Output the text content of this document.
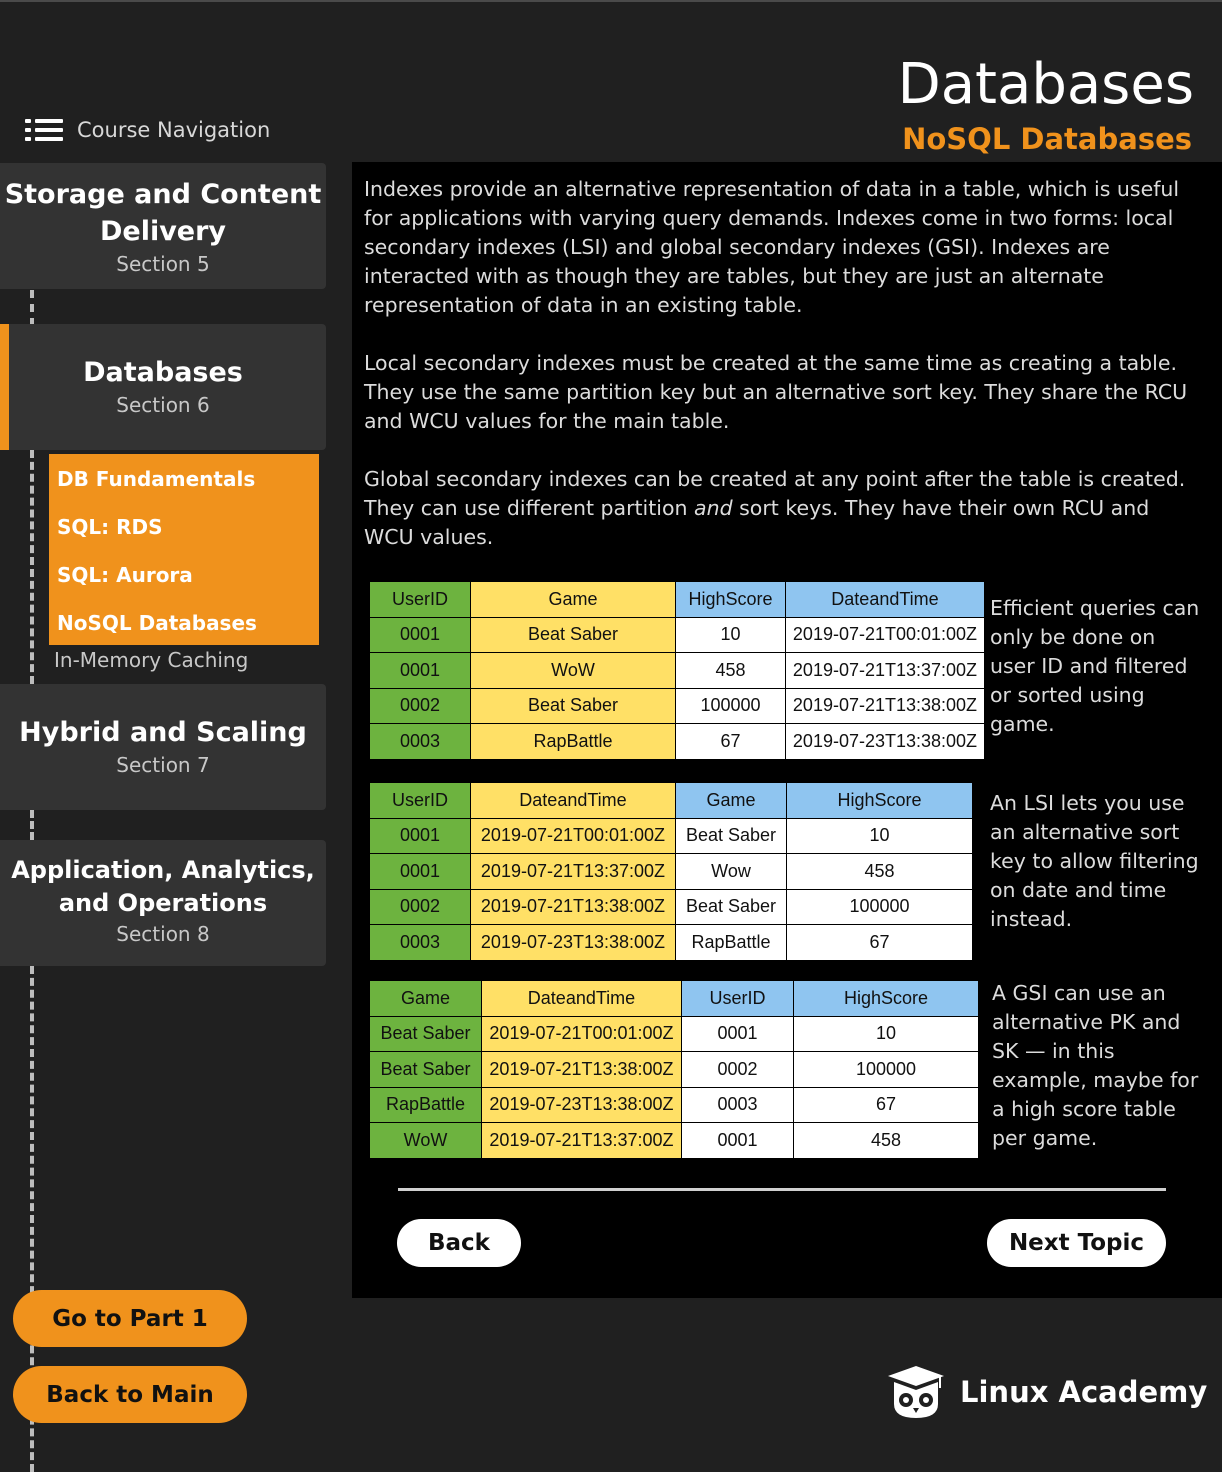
Databases
NoSQL Databases
Course Navigation
Storage and Content
Delivery
Section 5
Databases
Section 6
DB Fundamentals
SQL: RDS
SQL: Aurora
NoSQL Databases
In-Memory Caching
Hybrid and Scaling
Section 7
Application, Analytics,
and Operations
Section 8
Go to Part 1
Back to Main
Indexes provide an alternative representation of data in a table, which is useful for applications with varying query demands. Indexes come in two forms: local secondary indexes (LSI) and global secondary indexes (GSI). Indexes are interacted with as though they are tables, but they are just an alternate representation of data in an existing table.
Local secondary indexes must be created at the same time as creating a table. They use the same partition key but an alternative sort key. They share the RCU and WCU values for the main table.
Global secondary indexes can be created at any point after the table is created. They can use different partition and sort keys. They have their own RCU and WCU values.
UserID	Game	HighScore	DateandTime
0001	Beat Saber	10	2019-07-21T00:01:00Z
0001	WoW	458	2019-07-21T13:37:00Z
0002	Beat Saber	100000	2019-07-21T13:38:00Z
0003	RapBattle	67	2019-07-23T13:38:00Z
Efficient queries can only be done on user ID and filtered or sorted using game.
UserID	DateandTime	Game	HighScore
0001	2019-07-21T00:01:00Z	Beat Saber	10
0001	2019-07-21T13:37:00Z	Wow	458
0002	2019-07-21T13:38:00Z	Beat Saber	100000
0003	2019-07-23T13:38:00Z	RapBattle	67
An LSI lets you use an alternative sort key to allow filtering on date and time instead.
Game	DateandTime	UserID	HighScore
Beat Saber	2019-07-21T00:01:00Z	0001	10
Beat Saber	2019-07-21T13:38:00Z	0002	100000
RapBattle	2019-07-23T13:38:00Z	0003	67
WoW	2019-07-21T13:37:00Z	0001	458
A GSI can use an alternative PK and SK — in this example, maybe for a high score table per game.
Back	Next Topic
Linux Academy
